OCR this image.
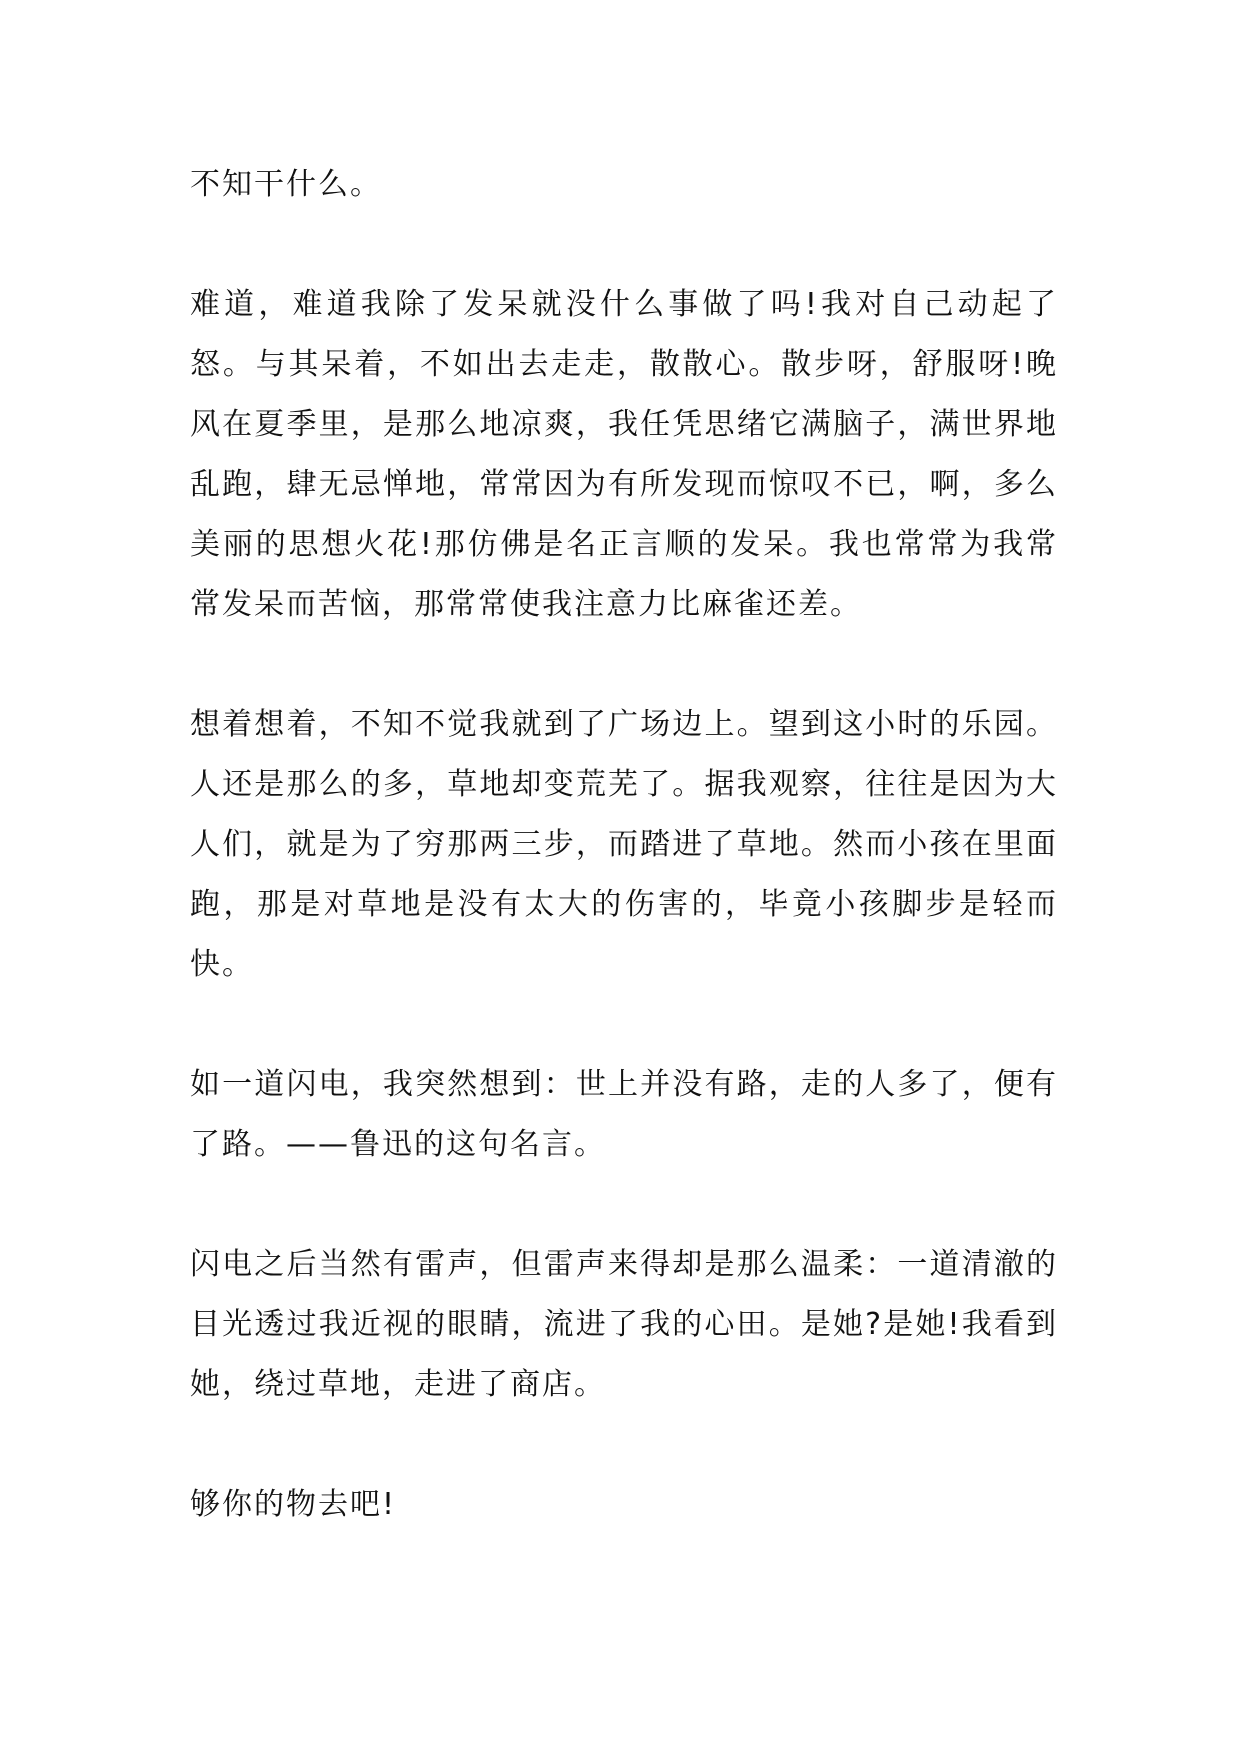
不知干什么。

难道，难道我除了发呆就没什么事做了吗!我对自己动起了怒。与其呆着，不如出去走走，散散心。散步呀，舒服呀!晚风在夏季里，是那么地凉爽，我任凭思绪它满脑子，满世界地乱跑，肆无忌惮地，常常因为有所发现而惊叹不已，啊，多么美丽的思想火花!那仿佛是名正言顺的发呆。我也常常为我常常发呆而苦恼，那常常使我注意力比麻雀还差。

想着想着，不知不觉我就到了广场边上。望到这小时的乐园。人还是那么的多，草地却变荒芜了。据我观察，往往是因为大人们，就是为了穷那两三步，而踏进了草地。然而小孩在里面跑，那是对草地是没有太大的伤害的，毕竟小孩脚步是轻而快。

如一道闪电，我突然想到：世上并没有路，走的人多了，便有了路。——鲁迅的这句名言。

闪电之后当然有雷声，但雷声来得却是那么温柔：一道清澈的目光透过我近视的眼睛，流进了我的心田。是她?是她!我看到她，绕过草地，走进了商店。

够你的物去吧!
